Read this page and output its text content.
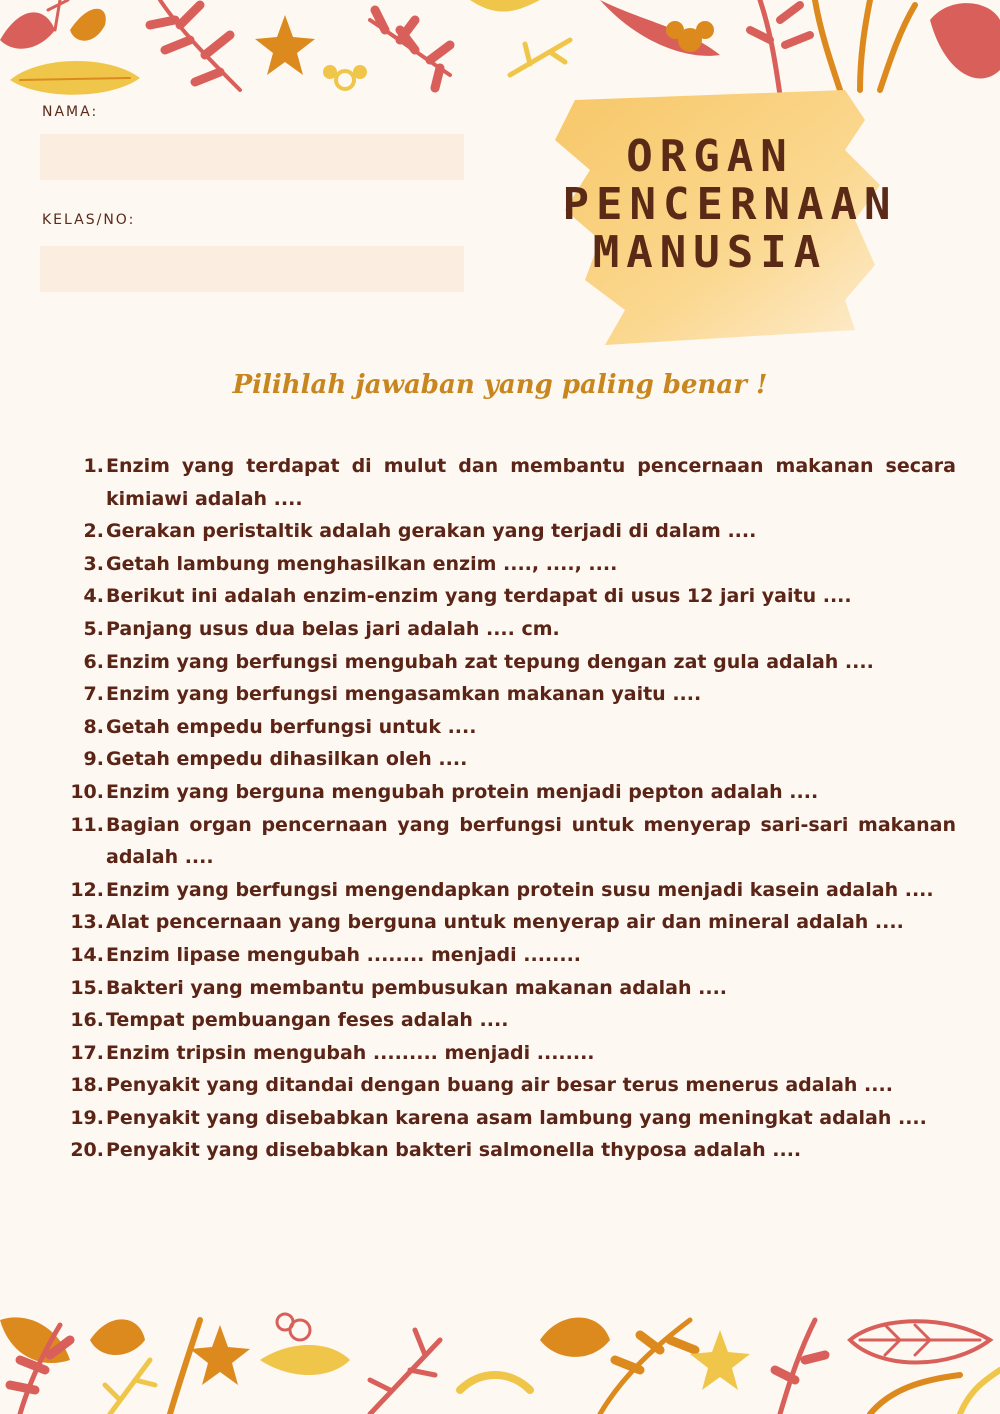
NAMA:
KELAS/NO:
ORGAN
PENCERNAAN
MANUSIA
Pilihlah jawaban yang paling benar !
1. Enzim yang terdapat di mulut dan membantu pencernaan makanan secara kimiawi adalah ....
2. Gerakan peristaltik adalah gerakan yang terjadi di dalam ....
3. Getah lambung menghasilkan enzim ...., ...., ....
4. Berikut ini adalah enzim-enzim yang terdapat di usus 12 jari yaitu ....
5. Panjang usus dua belas jari adalah .... cm.
6. Enzim yang berfungsi mengubah zat tepung dengan zat gula adalah ....
7. Enzim yang berfungsi mengasamkan makanan yaitu ....
8. Getah empedu berfungsi untuk ....
9. Getah empedu dihasilkan oleh ....
10. Enzim yang berguna mengubah protein menjadi pepton adalah ....
11. Bagian organ pencernaan yang berfungsi untuk menyerap sari-sari makanan adalah ....
12. Enzim yang berfungsi mengendapkan protein susu menjadi kasein adalah ....
13. Alat pencernaan yang berguna untuk menyerap air dan mineral adalah ....
14. Enzim lipase mengubah ........ menjadi ........
15. Bakteri yang membantu pembusukan makanan adalah ....
16. Tempat pembuangan feses adalah ....
17. Enzim tripsin mengubah ......... menjadi ........
18. Penyakit yang ditandai dengan buang air besar terus menerus adalah ....
19. Penyakit yang disebabkan karena asam lambung yang meningkat adalah ....
20. Penyakit yang disebabkan bakteri salmonella thyposa adalah ....
